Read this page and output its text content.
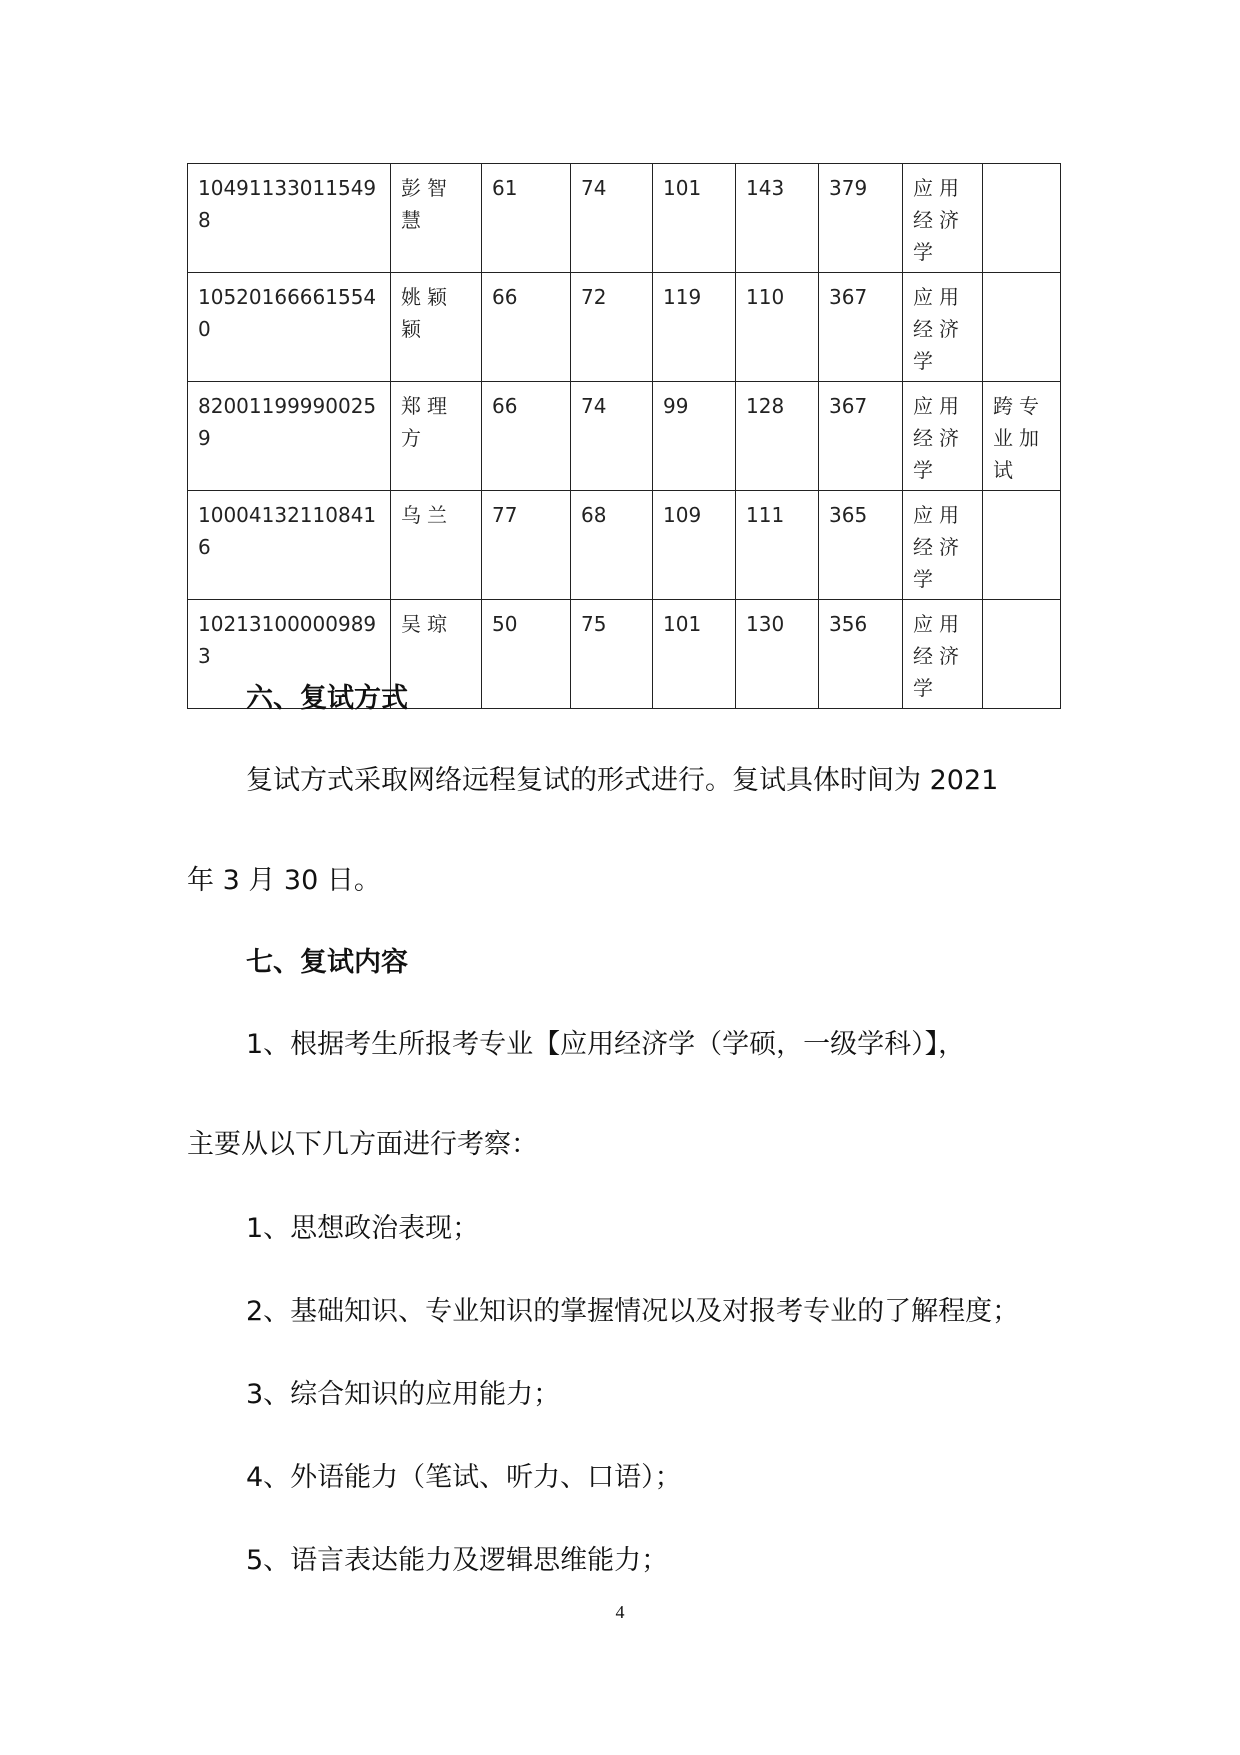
104911330115498	彭智慧	61	74	101	143	379	应用经济学	
105201666615540	姚颖颖	66	72	119	110	367	应用经济学	
820011999900259	郑理方	66	74	99	128	367	应用经济学	跨专业加试
100041321108416	乌兰	77	68	109	111	365	应用经济学	
102131000009893	吴琼	50	75	101	130	356	应用经济学	
六、复试方式
复试方式采取网络远程复试的形式进行。复试具体时间为 2021
年 3 月 30 日。
七、复试内容
1、根据考生所报考专业【应用经济学（学硕，一级学科）】，
主要从以下几方面进行考察：
1、思想政治表现；
2、基础知识、专业知识的掌握情况以及对报考专业的了解程度；
3、综合知识的应用能力；
4、外语能力（笔试、听力、口语）；
5、语言表达能力及逻辑思维能力；
4
